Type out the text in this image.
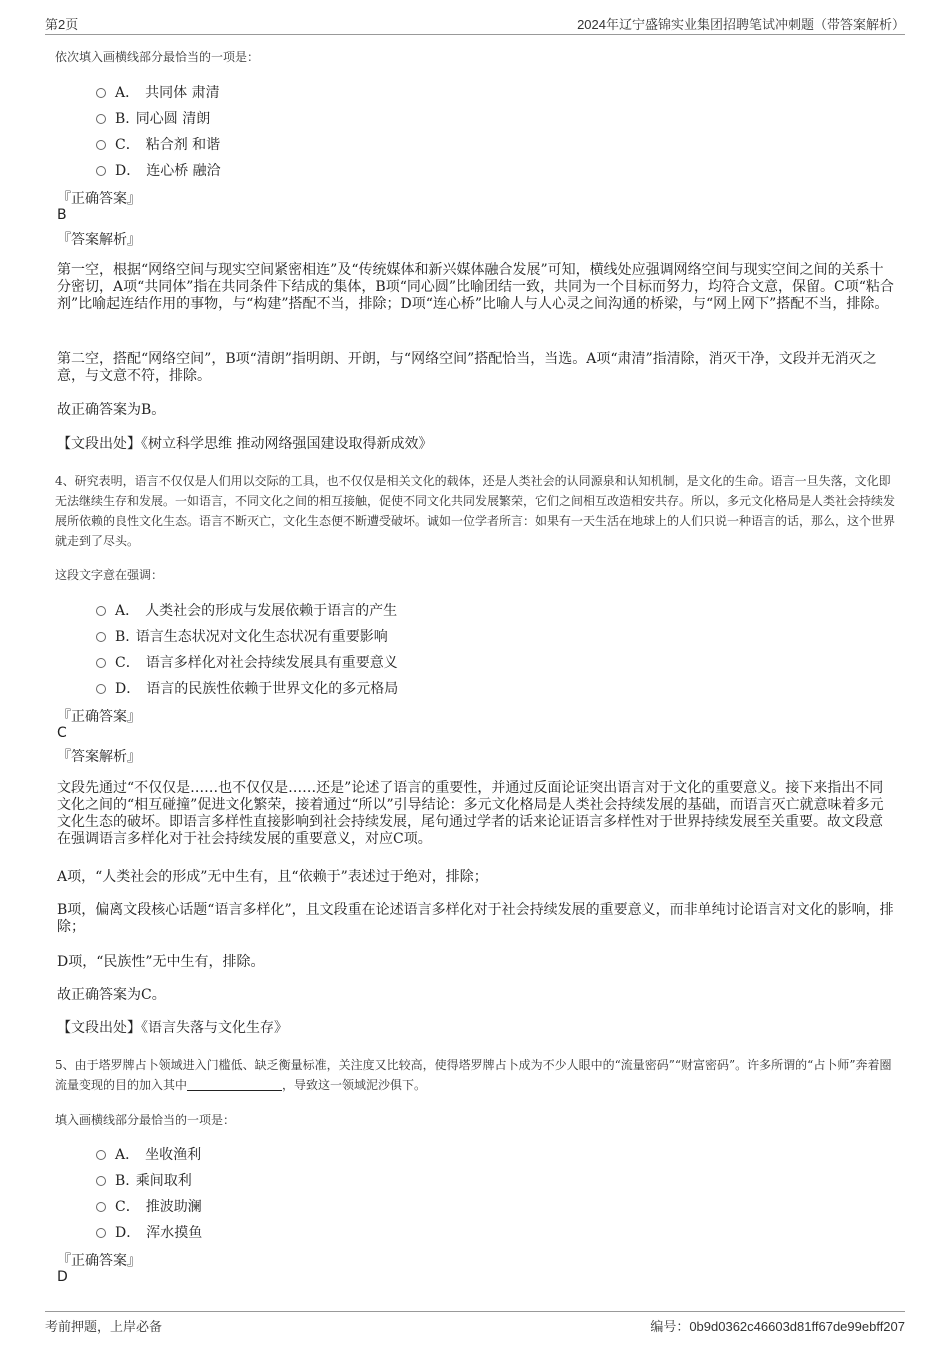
第2页	2024年辽宁盛锦实业集团招聘笔试冲刺题（带答案解析）
依次填入画横线部分最恰当的一项是：
A． 共同体 肃清
B. 同心圆 清朗
C． 粘合剂 和谐
D． 连心桥 融洽
『正确答案』
B
『答案解析』
第一空，根据“网络空间与现实空间紧密相连”及“传统媒体和新兴媒体融合发展”可知，横线处应强调网络空间与现实空间之间的关系十分密切，A项“共同体”指在共同条件下结成的集体，B项“同心圆”比喻团结一致，共同为一个目标而努力，均符合文意，保留。C项“粘合剂”比喻起连结作用的事物，与“构建”搭配不当，排除；D项“连心桥”比喻人与人心灵之间沟通的桥梁，与“网上网下”搭配不当，排除。
第二空，搭配“网络空间”，B项“清朗”指明朗、开朗，与“网络空间”搭配恰当，当选。A项“肃清”指清除，消灭干净，文段并无消灭之意，与文意不符，排除。
故正确答案为B。
【文段出处】《树立科学思维 推动网络强国建设取得新成效》
4、研究表明，语言不仅仅是人们用以交际的工具，也不仅仅是相关文化的载体，还是人类社会的认同源泉和认知机制，是文化的生命。语言一旦失落，文化即无法继续生存和发展。一如语言，不同文化之间的相互接触，促使不同文化共同发展繁荣，它们之间相互改造相安共存。所以，多元文化格局是人类社会持续发展所依赖的良性文化生态。语言不断灭亡，文化生态便不断遭受破坏。诚如一位学者所言：如果有一天生活在地球上的人们只说一种语言的话，那么，这个世界就走到了尽头。
这段文字意在强调：
A． 人类社会的形成与发展依赖于语言的产生
B. 语言生态状况对文化生态状况有重要影响
C． 语言多样化对社会持续发展具有重要意义
D． 语言的民族性依赖于世界文化的多元格局
『正确答案』
C
『答案解析』
文段先通过“不仅仅是……也不仅仅是……还是”论述了语言的重要性，并通过反面论证突出语言对于文化的重要意义。接下来指出不同文化之间的“相互碰撞”促进文化繁荣，接着通过“所以”引导结论：多元文化格局是人类社会持续发展的基础，而语言灭亡就意味着多元文化生态的破坏。即语言多样性直接影响到社会持续发展，尾句通过学者的话来论证语言多样性对于世界持续发展至关重要。故文段意在强调语言多样化对于社会持续发展的重要意义，对应C项。
A项，“人类社会的形成”无中生有，且“依赖于”表述过于绝对，排除；
B项，偏离文段核心话题“语言多样化”，且文段重在论述语言多样化对于社会持续发展的重要意义，而非单纯讨论语言对文化的影响，排除；
D项，“民族性”无中生有，排除。
故正确答案为C。
【文段出处】《语言失落与文化生存》
5、由于塔罗牌占卜领域进入门槛低、缺乏衡量标准，关注度又比较高，使得塔罗牌占卜成为不少人眼中的“流量密码”“财富密码”。许多所谓的“占卜师”奔着圈流量变现的目的加入其中	，导致这一领域泥沙俱下。
填入画横线部分最恰当的一项是：
A． 坐收渔利
B. 乘间取利
C． 推波助澜
D． 浑水摸鱼
『正确答案』
D
考前押题，上岸必备	编号：0b9d0362c46603d81ff67de99ebff207
